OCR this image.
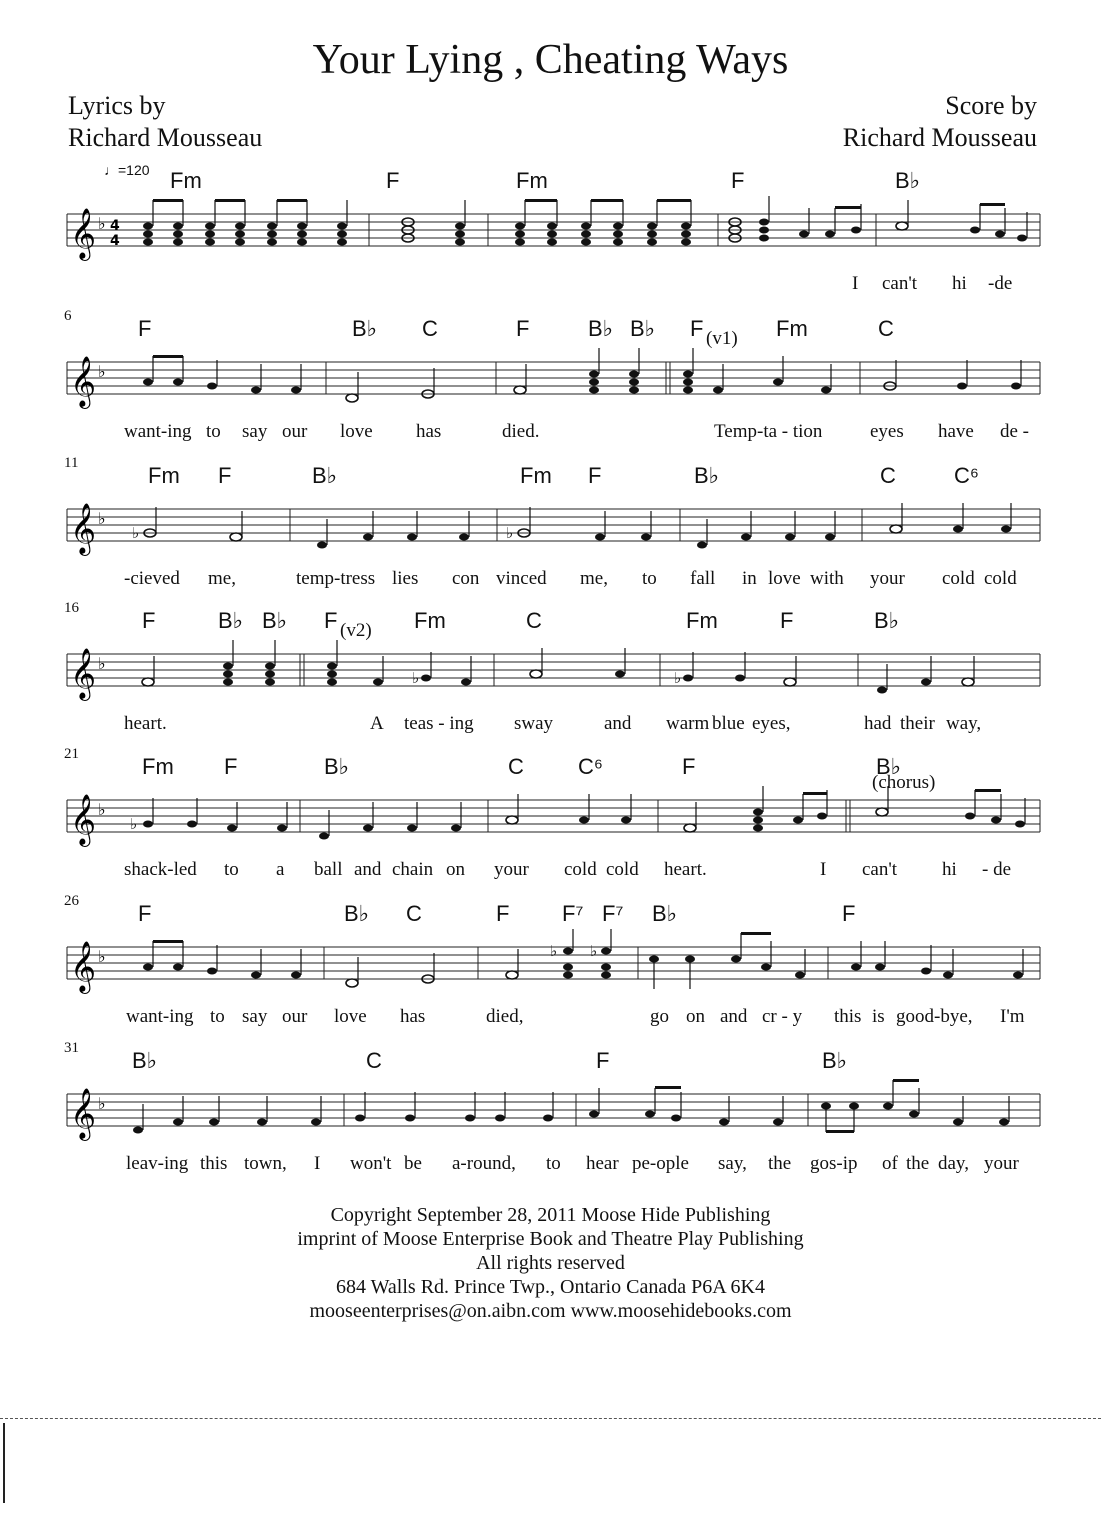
Your Lying , Cheating Ways
Lyrics by
Richard Mousseau
Score by
Richard Mousseau
♩=120 Fm	F	Fm	F	B♭
𝄞 ♭ 4
4
I can't hi -de
6	F	B♭ C	F	B♭ B♭ F	Fm	C
(v1)
𝄞 ♭
want-ing to say our love has	died.	Temp-ta - tion	eyes have de -
11	Fm F	B♭	Fm F	B♭	C	C⁶
𝄞 ♭
♭	♭
-cieved me,	temp-tress lies con vinced me, to fall in love with your cold cold
16	F	B♭ B♭ F	Fm	C	Fm	F	B♭
(v2)
𝄞 ♭
♭	♭
heart.	A teas - ing sway	and warm blue eyes,	had their way,
21	Fm F	B♭	C C⁶	F	B♭
(chorus)
𝄞 ♭
♭
shack-led to a ball and chain on your cold cold heart.	I can't hi - de
26	F	B♭ C	F F⁷ F⁷ B♭	F
𝄞 ♭	♭ ♭
want-ing to say our love has	died,	go on and cr - y this is good-bye, I'm
31 B♭	C	F	B♭
𝄞 ♭
leav-ing this town, I won't be a-round, to hear pe-ople say, the gos-ip of the day, your
Copyright September 28, 2011 Moose Hide Publishing
imprint of Moose Enterprise Book and Theatre Play Publishing
All rights reserved
684 Walls Rd. Prince Twp., Ontario Canada P6A 6K4
mooseenterprises@on.aibn.com www.moosehidebooks.com
